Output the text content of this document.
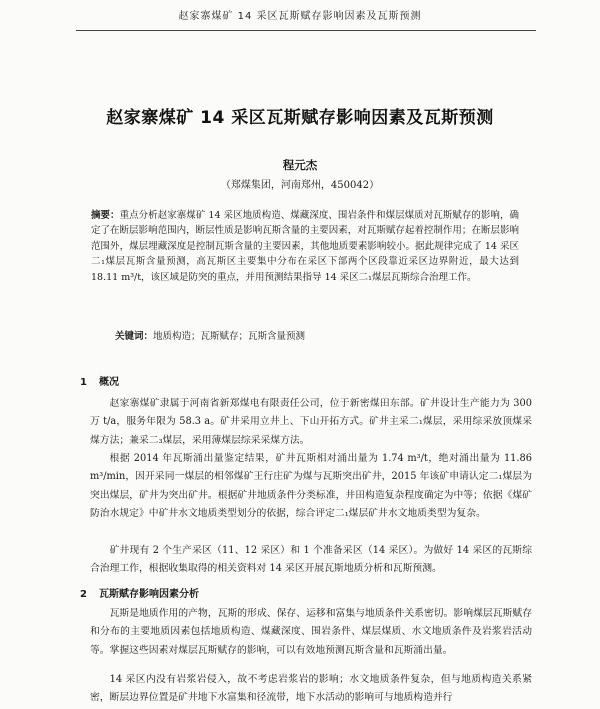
赵家寨煤矿 14 采区瓦斯赋存影响因素及瓦斯预测
赵家寨煤矿 14 采区瓦斯赋存影响因素及瓦斯预测
程元杰
（郑煤集团，河南郑州，450042）

摘要：重点分析赵家寨煤矿 14 采区地质构造、煤藏深度、围岩条件和煤层煤质对瓦斯赋存的影响，确定了在断层影响范围内，断层性质是影响瓦斯含量的主要因素，对瓦斯赋存起着控制作用；在断层影响范围外，煤层埋藏深度是控制瓦斯含量的主要因素，其他地质要素影响较小。据此规律完成了 14 采区二₁煤层瓦斯含量预测，高瓦斯区主要集中分布在采区下部两个区段靠近采区边界附近，最大达到 18.11 m³/t，该区域是防突的重点，并用预测结果指导 14 采区二₁煤层瓦斯综合治理工作。

关键词：地质构造；瓦斯赋存；瓦斯含量预测

1 概况

赵家寨煤矿隶属于河南省新郑煤电有限责任公司，位于新密煤田东部。矿井设计生产能力为 300 万 t/a，服务年限为 58.3 a。矿井采用立井上、下山开拓方式。矿井主采二₁煤层，采用综采放顶煤采煤方法；兼采二₃煤层，采用薄煤层综采采煤方法。

根据 2014 年瓦斯涌出量鉴定结果，矿井瓦斯相对涌出量为 1.74 m³/t，绝对涌出量为 11.86 m³/min，因开采同一煤层的相邻煤矿王行庄矿为煤与瓦斯突出矿井，2015 年该矿申请认定二₁煤层为突出煤层，矿井为突出矿井。根据矿井地质条件分类标准，井田构造复杂程度确定为中等；依据《煤矿防治水规定》中矿井水文地质类型划分的依据，综合评定二₁煤层矿井水文地质类型为复杂。

矿井现有 2 个生产采区（11、12 采区）和 1 个准备采区（14 采区）。为做好 14 采区的瓦斯综合治理工作，根据收集取得的相关资料对 14 采区开展瓦斯地质分析和瓦斯预测。

2 瓦斯赋存影响因素分析

瓦斯是地质作用的产物，瓦斯的形成、保存、运移和富集与地质条件关系密切。影响煤层瓦斯赋存和分布的主要地质因素包括地质构造、煤藏深度、围岩条件、煤层煤质、水文地质条件及岩浆岩活动等。掌握这些因素对煤层瓦斯赋存的影响，可以有效地预测瓦斯含量和瓦斯涌出量。

14 采区内没有岩浆岩侵入，故不考虑岩浆岩的影响；水文地质条件复杂，但与地质构造关系紧密，断层边界位置是矿井地下水富集和径流带，地下水活动的影响可与地质构造并行
